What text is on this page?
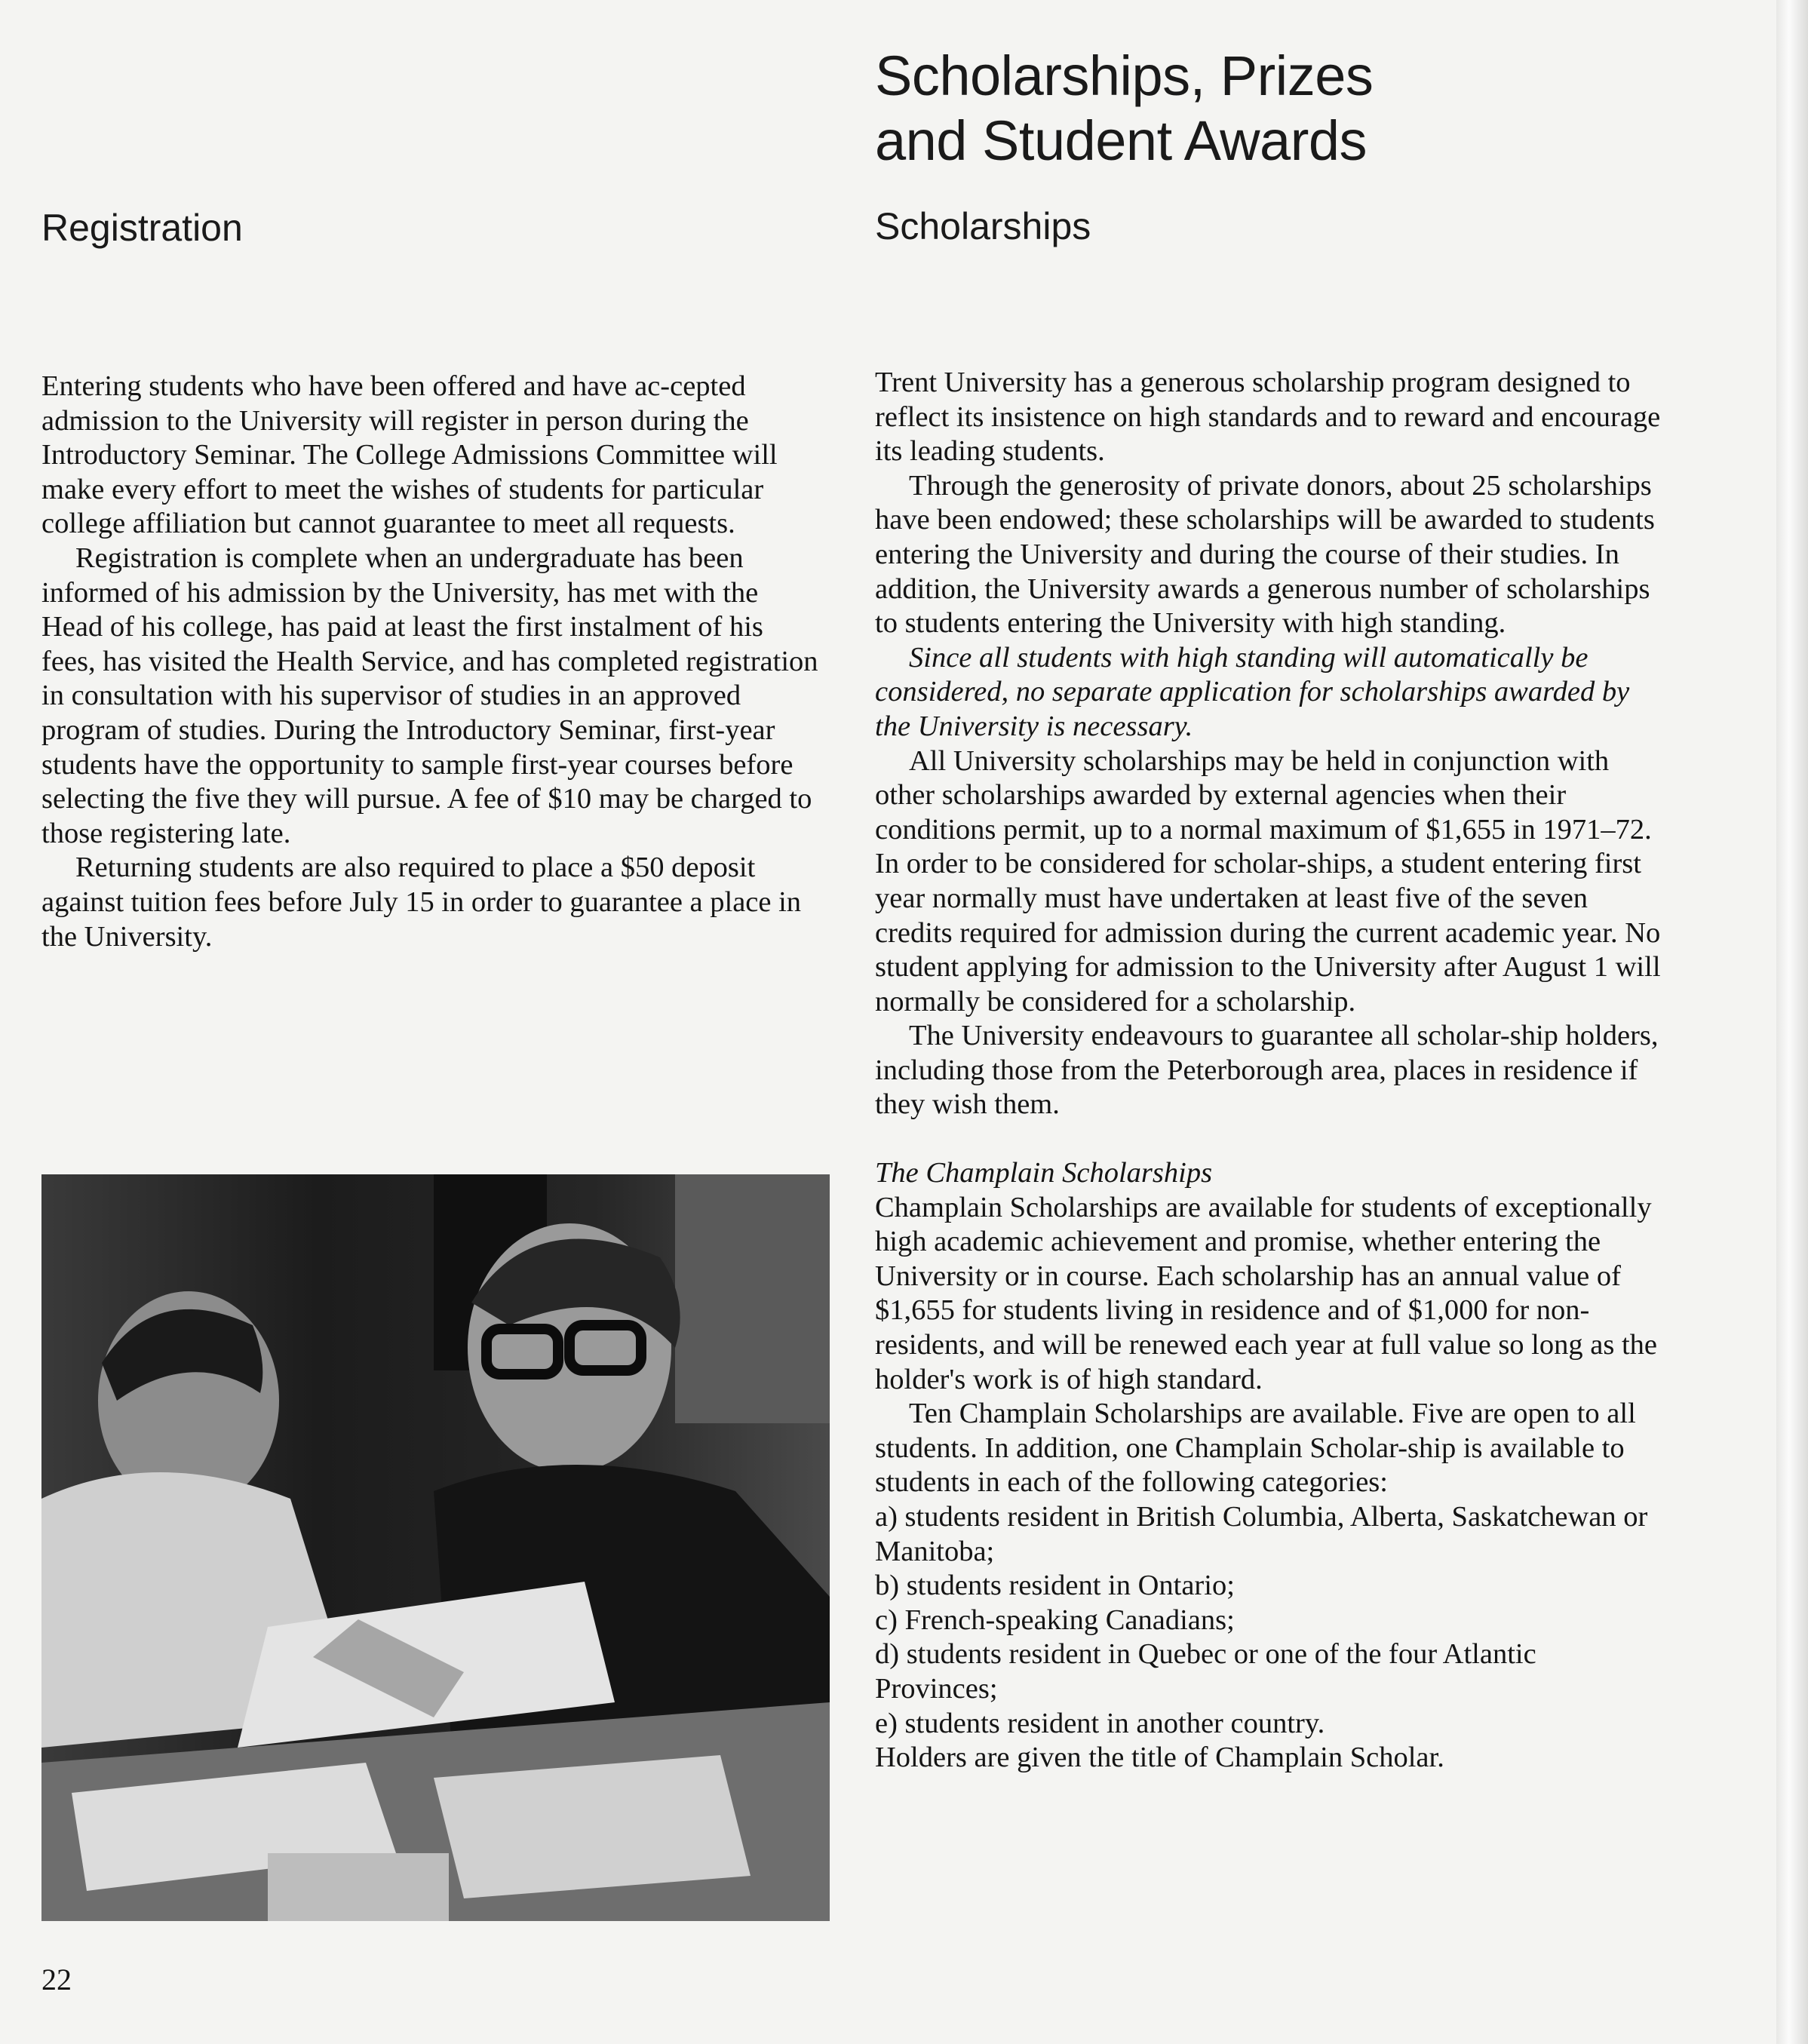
Scholarships, Prizes
and Student Awards
Registration	Scholarships

Entering students who have been offered and have ac-cepted admission to the University will register in person during the Introductory Seminar. The College Admissions Committee will make every effort to meet the wishes of students for particular college affiliation but cannot guarantee to meet all requests.

Registration is complete when an undergraduate has been informed of his admission by the University, has met with the Head of his college, has paid at least the first instalment of his fees, has visited the Health Service, and has completed registration in consultation with his supervisor of studies in an approved program of studies. During the Introductory Seminar, first-year students have the opportunity to sample first-year courses before selecting the five they will pursue. A fee of $10 may be charged to those registering late.

Returning students are also required to place a $50 deposit against tuition fees before July 15 in order to guarantee a place in the University.

Trent University has a generous scholarship program designed to reflect its insistence on high standards and to reward and encourage its leading students.

Through the generosity of private donors, about 25 scholarships have been endowed; these scholarships will be awarded to students entering the University and during the course of their studies. In addition, the University awards a generous number of scholarships to students entering the University with high standing.

Since all students with high standing will automatically be considered, no separate application for scholarships awarded by the University is necessary.

All University scholarships may be held in conjunction with other scholarships awarded by external agencies when their conditions permit, up to a normal maximum of $1,655 in 1971–72. In order to be considered for scholar-ships, a student entering first year normally must have undertaken at least five of the seven credits required for admission during the current academic year. No student applying for admission to the University after August 1 will normally be considered for a scholarship.

The University endeavours to guarantee all scholar-ship holders, including those from the Peterborough area, places in residence if they wish them.

The Champlain Scholarships

Champlain Scholarships are available for students of exceptionally high academic achievement and promise, whether entering the University or in course. Each scholarship has an annual value of $1,655 for students living in residence and of $1,000 for non-residents, and will be renewed each year at full value so long as the holder's work is of high standard.

Ten Champlain Scholarships are available. Five are open to all students. In addition, one Champlain Scholar-ship is available to students in each of the following categories:

a) students resident in British Columbia, Alberta, Saskatchewan or Manitoba;

b) students resident in Ontario;

c) French-speaking Canadians;

d) students resident in Quebec or one of the four Atlantic Provinces;

e) students resident in another country.

Holders are given the title of Champlain Scholar.

22
